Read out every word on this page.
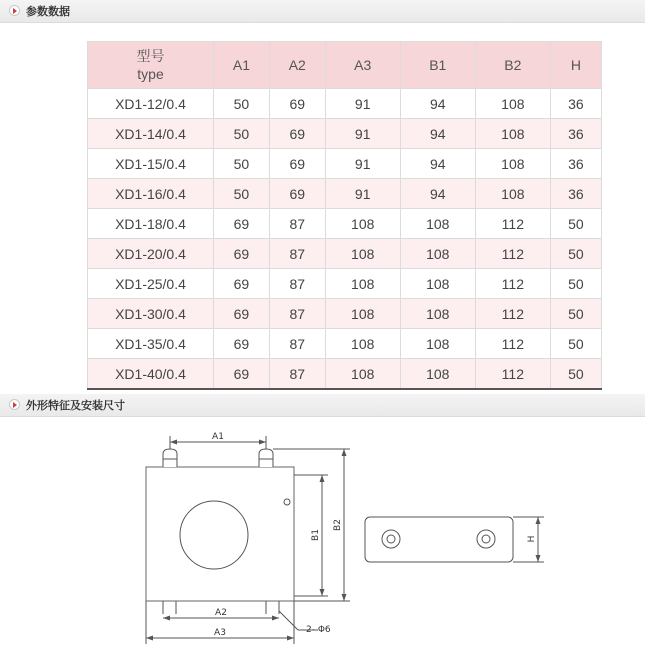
参数数据
型号
type	A1	A2	A3	B1	B2	H
XD1-12/0.4	50	69	91	94	108	36
XD1-14/0.4	50	69	91	94	108	36
XD1-15/0.4	50	69	91	94	108	36
XD1-16/0.4	50	69	91	94	108	36
XD1-18/0.4	69	87	108	108	112	50
XD1-20/0.4	69	87	108	108	112	50
XD1-25/0.4	69	87	108	108	112	50
XD1-30/0.4	69	87	108	108	112	50
XD1-35/0.4	69	87	108	108	112	50
XD1-40/0.4	69	87	108	108	112	50
外形特征及安装尺寸
A1
A2
A3
B1
B2
H
2- Φ6
